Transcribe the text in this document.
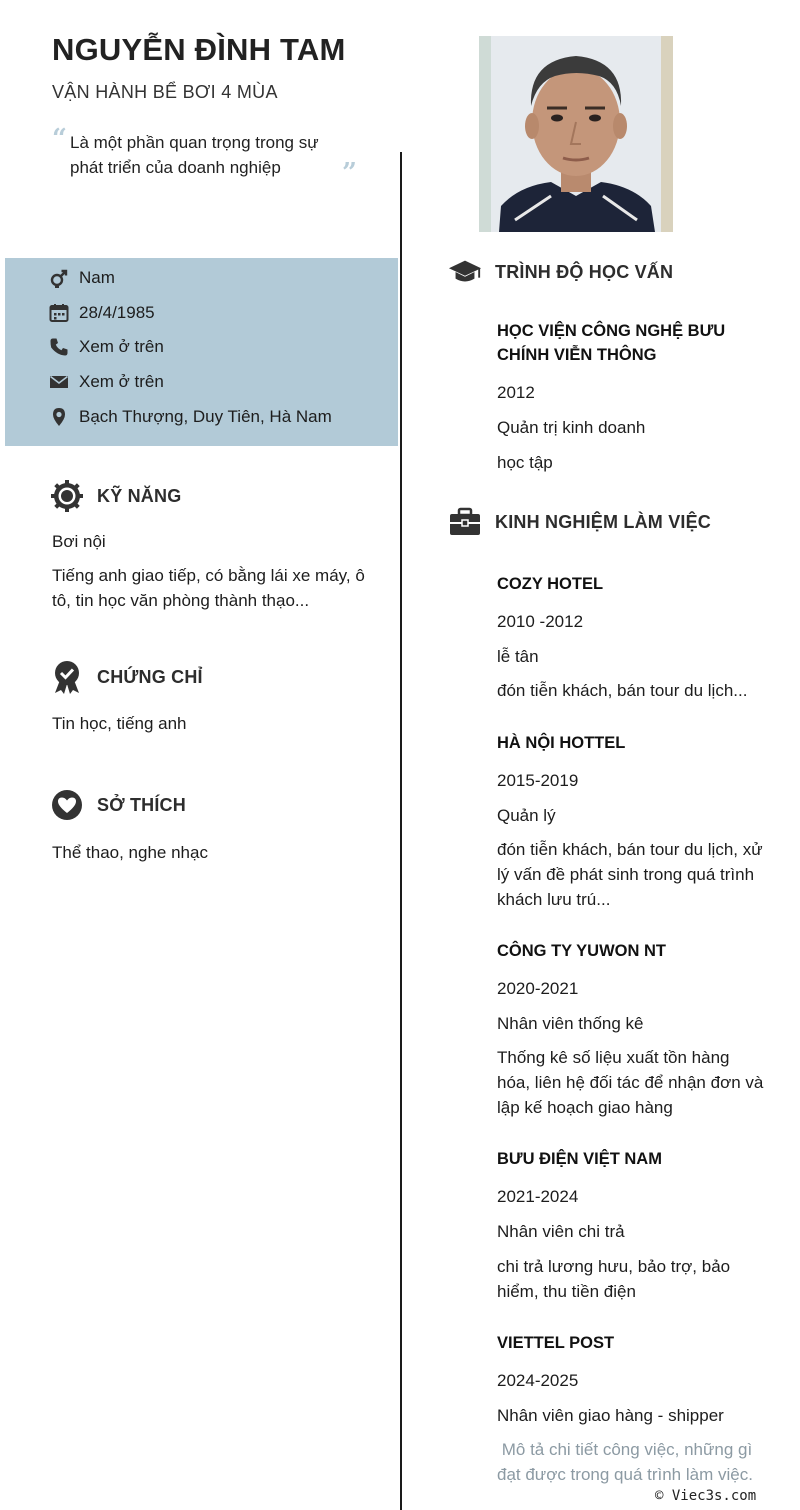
NGUYỄN ĐÌNH TAM
VẬN HÀNH BỂ BƠI 4 MÙA
“ Là một phần quan trọng trong sự phát triển của doanh nghiệp	”
Nam
28/4/1985
Xem ở trên
Xem ở trên
Bạch Thượng, Duy Tiên, Hà Nam
KỸ NĂNG
Bơi nội
Tiếng anh giao tiếp, có bằng lái xe máy, ô tô, tin học văn phòng thành thạo...
CHỨNG CHỈ
Tin học, tiếng anh
SỞ THÍCH
Thể thao, nghe nhạc
TRÌNH ĐỘ HỌC VẤN
HỌC VIỆN CÔNG NGHỆ BƯU CHÍNH VIỄN THÔNG
2012
Quản trị kinh doanh
học tập
KINH NGHIỆM LÀM VIỆC
COZY HOTEL
2010 -2012
lễ tân
đón tiễn khách, bán tour du lịch...
HÀ NỘI HOTTEL
2015-2019
Quản lý
đón tiễn khách, bán tour du lịch, xử lý vấn đề phát sinh trong quá trình khách lưu trú...
CÔNG TY YUWON NT
2020-2021
Nhân viên thống kê
Thống kê số liệu xuất tồn hàng hóa, liên hệ đối tác để nhận đơn và lập kế hoạch giao hàng
BƯU ĐIỆN VIỆT NAM
2021-2024
Nhân viên chi trả
chi trả lương hưu, bảo trợ, bảo hiểm, thu tiền điện
VIETTEL POST
2024-2025
Nhân viên giao hàng - shipper
Mô tả chi tiết công việc, những gì đạt được trong quá trình làm việc.
© Viec3s.com
